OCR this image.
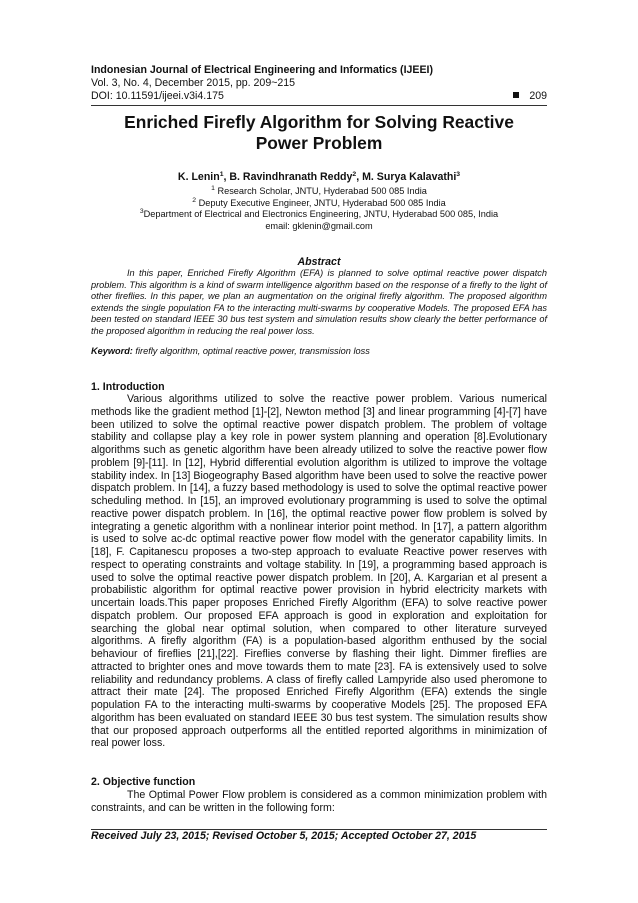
Indonesian Journal of Electrical Engineering and Informatics (IJEEI)
Vol. 3, No. 4, December 2015, pp. 209~215
DOI: 10.11591/ijeei.v3i4.175	209
Enriched Firefly Algorithm for Solving Reactive
Power Problem
K. Lenin$^1$, B. Ravindhranath Reddy$^2$, M. Surya Kalavathi$^3$
$^1$ Research Scholar, JNTU, Hyderabad 500 085 India
$^2$ Deputy Executive Engineer, JNTU, Hyderabad 500 085 India
$^3$Department of Electrical and Electronics Engineering, JNTU, Hyderabad 500 085, India
email: gklenin@gmail.com
Abstract

In this paper, Enriched Firefly Algorithm (EFA) is planned to solve optimal reactive power dispatch problem. This algorithm is a kind of swarm intelligence algorithm based on the response of a firefly to the light of other fireflies. In this paper, we plan an augmentation on the original firefly algorithm. The proposed algorithm extends the single population FA to the interacting multi-swarms by cooperative Models. The proposed EFA has been tested on standard IEEE 30 bus test system and simulation results show clearly the better performance of the proposed algorithm in reducing the real power loss.

Keyword: firefly algorithm, optimal reactive power, transmission loss
1. Introduction

Various algorithms utilized to solve the reactive power problem. Various numerical methods like the gradient method [1]-[2], Newton method [3] and linear programming [4]-[7] have been utilized to solve the optimal reactive power dispatch problem. The problem of voltage stability and collapse play a key role in power system planning and operation [8].Evolutionary algorithms such as genetic algorithm have been already utilized to solve the reactive power flow problem [9]-[11]. In [12], Hybrid differential evolution algorithm is utilized to improve the voltage stability index. In [13] Biogeography Based algorithm have been used to solve the reactive power dispatch problem. In [14], a fuzzy based methodology is used to solve the optimal reactive power scheduling method. In [15], an improved evolutionary programming is used to solve the optimal reactive power dispatch problem. In [16], the optimal reactive power flow problem is solved by integrating a genetic algorithm with a nonlinear interior point method. In [17], a pattern algorithm is used to solve ac-dc optimal reactive power flow model with the generator capability limits. In [18], F. Capitanescu proposes a two-step approach to evaluate Reactive power reserves with respect to operating constraints and voltage stability. In [19], a programming based approach is used to solve the optimal reactive power dispatch problem. In [20], A. Kargarian et al present a probabilistic algorithm for optimal reactive power provision in hybrid electricity markets with uncertain loads.This paper proposes Enriched Firefly Algorithm (EFA) to solve reactive power dispatch problem. Our proposed EFA approach is good in exploration and exploitation for searching the global near optimal solution, when compared to other literature surveyed algorithms. A firefly algorithm (FA) is a population-based algorithm enthused by the social behaviour of fireflies [21],[22]. Fireflies converse by flashing their light. Dimmer fireflies are attracted to brighter ones and move towards them to mate [23]. FA is extensively used to solve reliability and redundancy problems. A class of firefly called Lampyride also used pheromone to attract their mate [24]. The proposed Enriched Firefly Algorithm (EFA) extends the single population FA to the interacting multi-swarms by cooperative Models [25]. The proposed EFA algorithm has been evaluated on standard IEEE 30 bus test system. The simulation results show that our proposed approach outperforms all the entitled reported algorithms in minimization of real power loss.

2. Objective function

The Optimal Power Flow problem is considered as a common minimization problem with constraints, and can be written in the following form:

Received July 23, 2015; Revised October 5, 2015; Accepted October 27, 2015
